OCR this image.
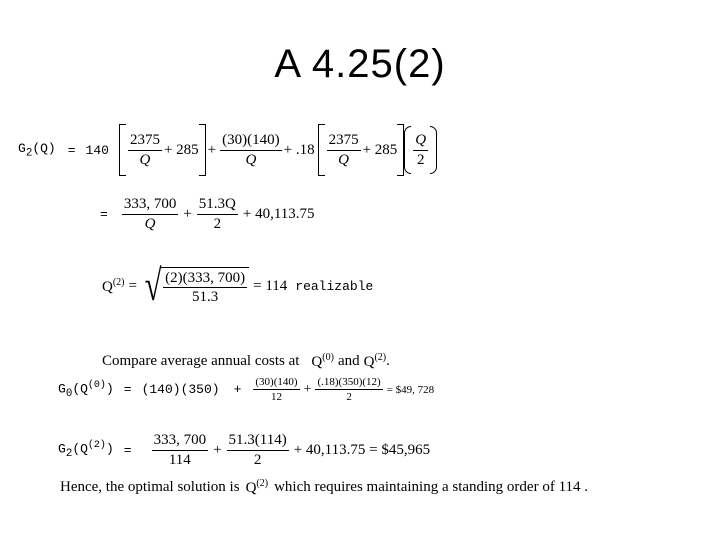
A 4.25(2)
$G_2(Q) = 140 \frac{2375}{Q} + 285 + \frac{(30)(140)}{Q} + .18 \frac{2375}{Q} + 285 \frac{Q}{2}$
= $\frac{333, 700}{Q} + \frac{51.3Q}{2} + 40,113.75$
$Q^{(2)}$ = √ $\frac{(2)(333, 700)}{51.3} = 114$ realizable
Compare average annual costs at $Q^{(0)}$ and $Q^{(2)}$ .
$G_0(Q^{(0)}) = (140)(350) + \frac{(30)(140)}{12} + \frac{(.18)(350)(12)}{2}$ = $49, 728
$G_2(Q^{(2)}) = \frac{333, 700}{114} + \frac{51.3(114)}{2} + 40,113.75$ = $45,965
Hence, the optimal solution is $Q^{(2)}$ which requires maintaining a standing order of 114 .
